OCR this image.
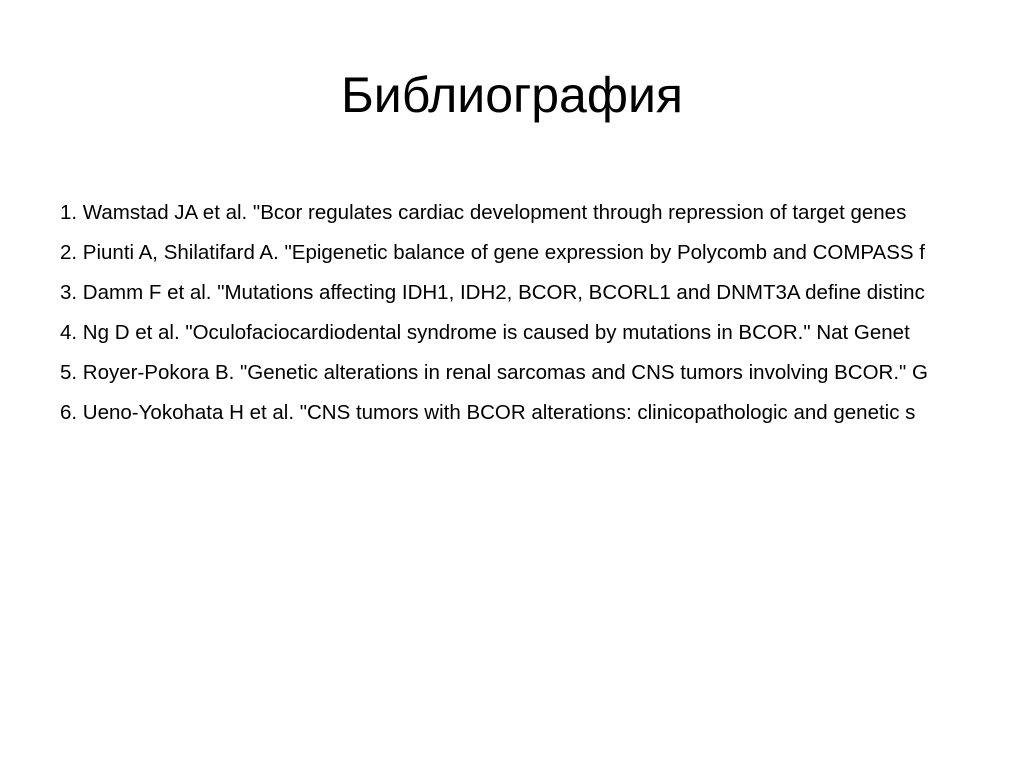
Библиография
1. Wamstad JA et al. "Bcor regulates cardiac development through repression of target genes
2. Piunti A, Shilatifard A. "Epigenetic balance of gene expression by Polycomb and COMPASS f
3. Damm F et al. "Mutations affecting IDH1, IDH2, BCOR, BCORL1 and DNMT3A define distinc
4. Ng D et al. "Oculofaciocardiodental syndrome is caused by mutations in BCOR." Nat Genet
5. Royer-Pokora B. "Genetic alterations in renal sarcomas and CNS tumors involving BCOR." G
6. Ueno-Yokohata H et al. "CNS tumors with BCOR alterations: clinicopathologic and genetic s
